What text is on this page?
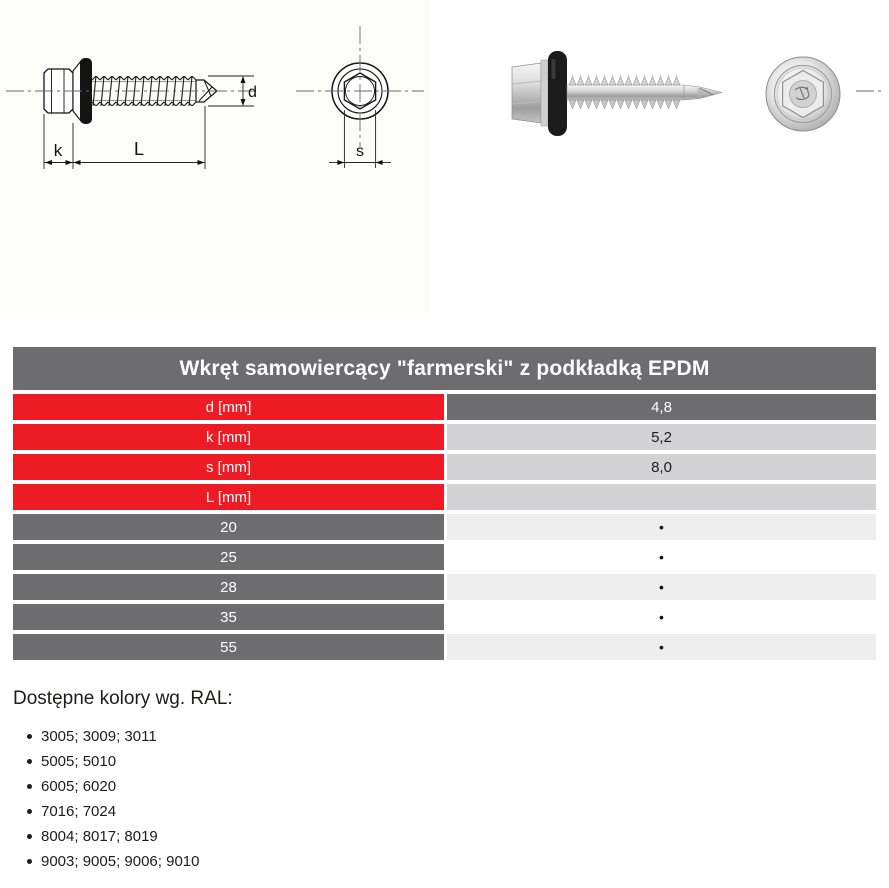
d
k	L	s
Wkręt samowiercący "farmerski" z podkładką EPDM
d [mm]	4,8
k [mm]	5,2
s [mm]	8,0
L [mm]
20	•
25	•
28	•
35	•
55	•
Dostępne kolory wg. RAL:
3005; 3009; 3011
5005; 5010
6005; 6020
7016; 7024
8004; 8017; 8019
9003; 9005; 9006; 9010
